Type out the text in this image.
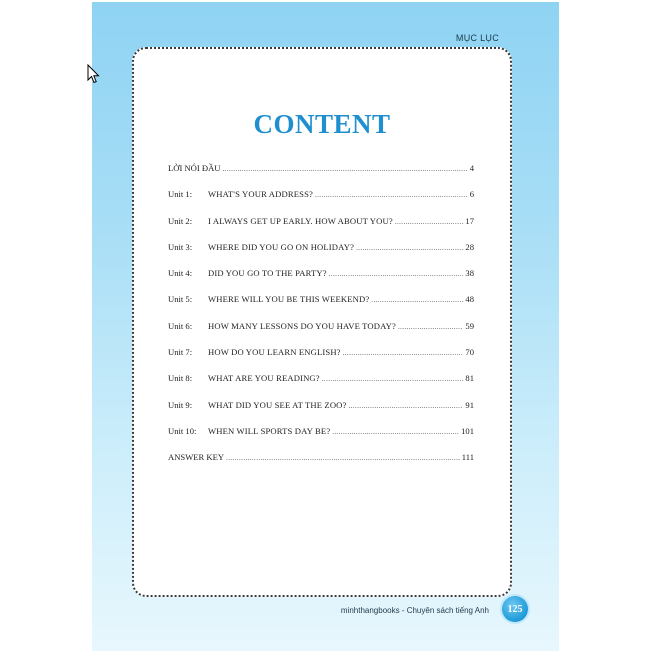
MỤC LỤC
CONTENT
LỜI NÓI ĐẦU .....	4
Unit 1:	WHAT'S YOUR ADDRESS? .....	6
Unit 2:	I ALWAYS GET UP EARLY. HOW ABOUT YOU? .....	17
Unit 3:	WHERE DID YOU GO ON HOLIDAY? .....	28
Unit 4:	DID YOU GO TO THE PARTY? .....	38
Unit 5:	WHERE WILL YOU BE THIS WEEKEND? .....	48
Unit 6:	HOW MANY LESSONS DO YOU HAVE TODAY? .....	59
Unit 7:	HOW DO YOU LEARN ENGLISH? .....	70
Unit 8:	WHAT ARE YOU READING? .....	81
Unit 9:	WHAT DID YOU SEE AT THE ZOO? .....	91
Unit 10:	WHEN WILL SPORTS DAY BE? .....	101
ANSWER KEY .....	111
minhthangbooks - Chuyên sách tiếng Anh	125
